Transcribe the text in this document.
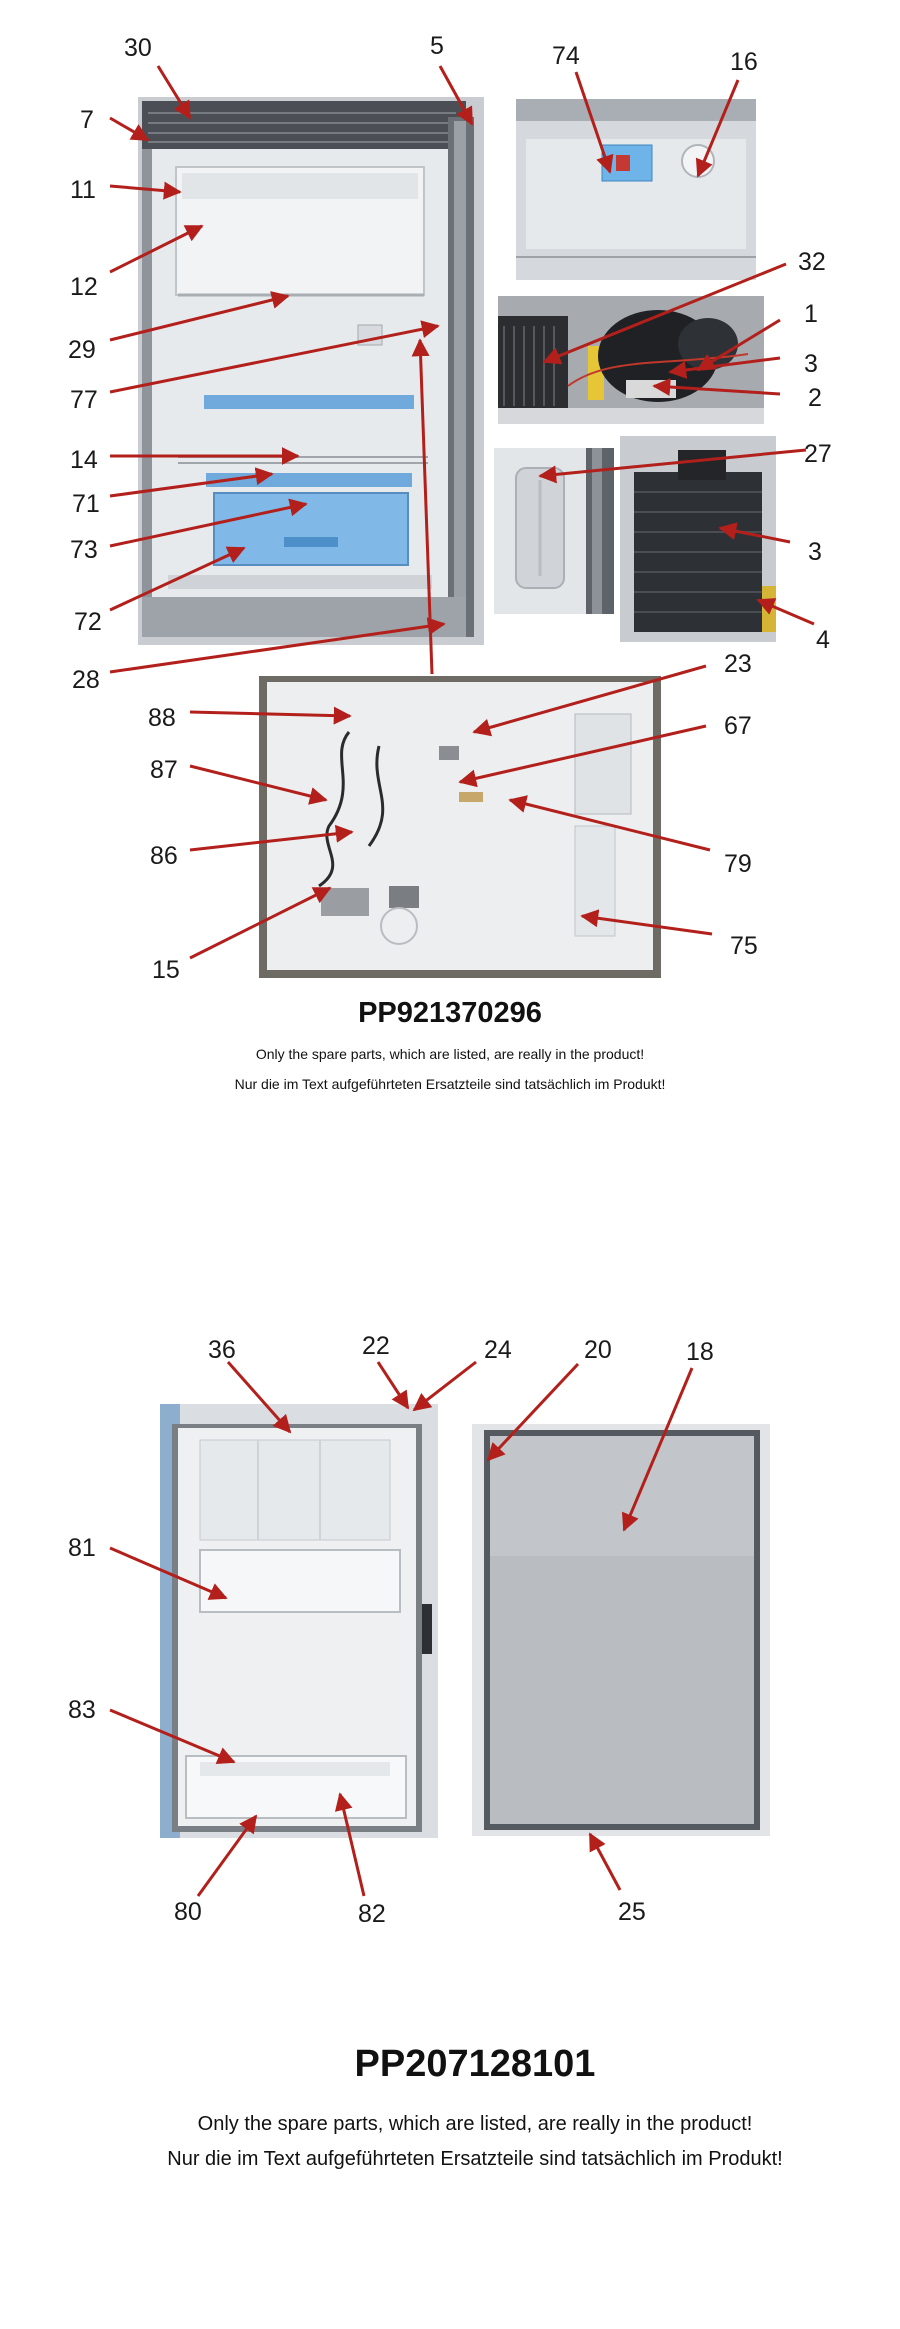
30	5
7
11
12
29
77
14
71
73
72
28
74	16
32
1
3
2
27
3
4
23
88	67
87
86	79
75
15
36	22	24	20	18
81
83
80	82	25
PP921370296
Only the spare parts, which are listed, are really in the product!
Nur die im Text aufgeführteten Ersatzteile sind tatsächlich im Produkt!
PP207128101
Only the spare parts, which are listed, are really in the product!
Nur die im Text aufgeführteten Ersatzteile sind tatsächlich im Produkt!
